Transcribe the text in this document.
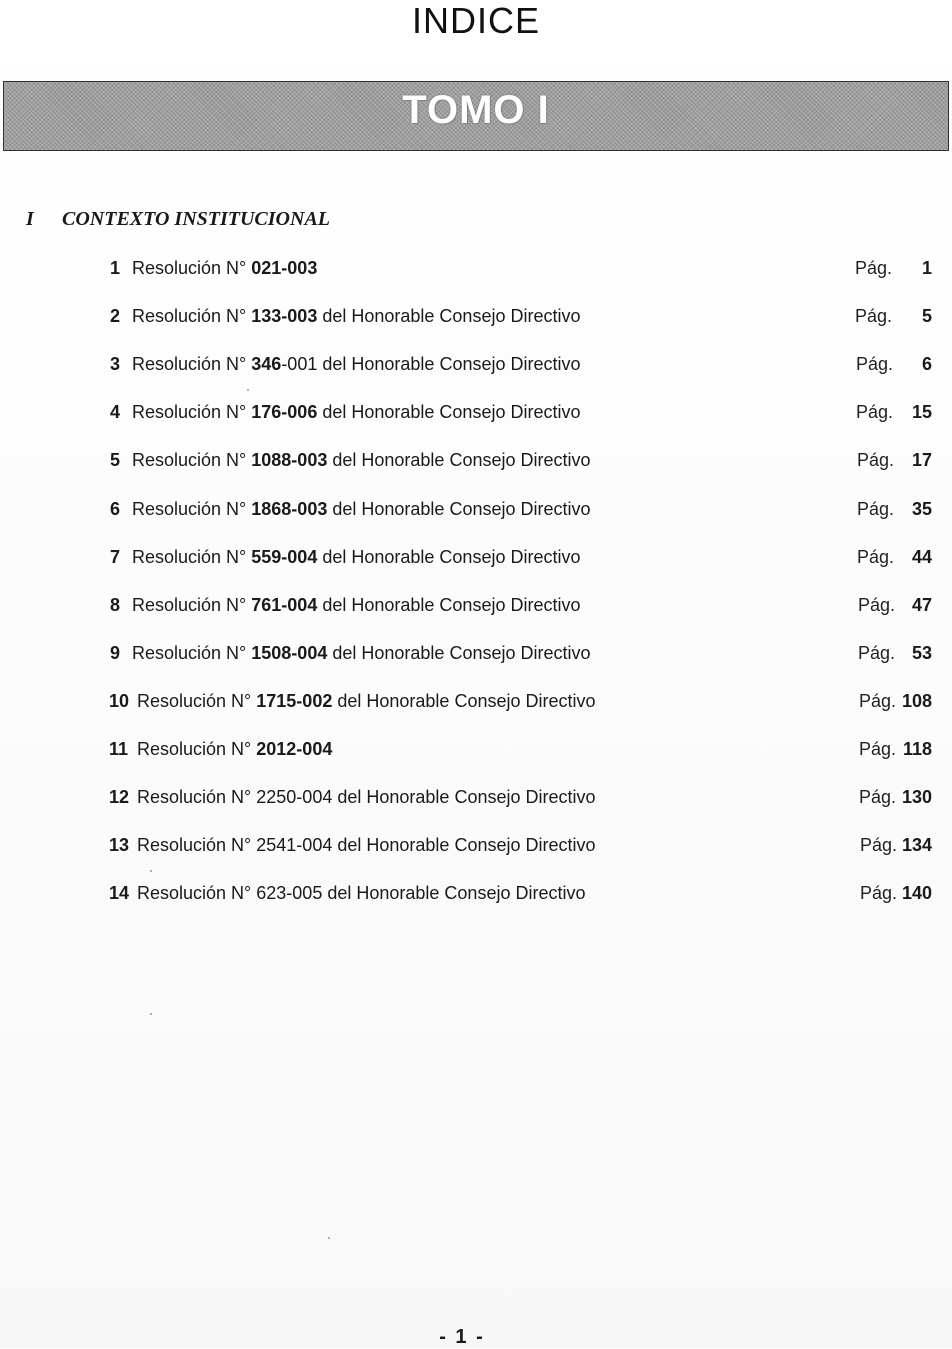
INDICE
TOMO I
I CONTEXTO INSTITUCIONAL
1 Resolución N° 021-003	Pág.	1
2 Resolución N° 133-003 del Honorable Consejo Directivo	Pág.	5
3 Resolución N° 346-001 del Honorable Consejo Directivo	Pág.	6
4 Resolución N° 176-006 del Honorable Consejo Directivo	Pág.	15
5 Resolución N° 1088-003 del Honorable Consejo Directivo	Pág. 17
6 Resolución N° 1868-003 del Honorable Consejo Directivo	Pág. 35
7 Resolución N° 559-004 del Honorable Consejo Directivo	Pág. 44
8 Resolución N° 761-004 del Honorable Consejo Directivo	Pág. 47
9 Resolución N° 1508-004 del Honorable Consejo Directivo	Pág. 53
10 Resolución N° 1715-002 del Honorable Consejo Directivo	Pág. 108
11 Resolución N° 2012-004	Pág. 118
12 Resolución N° 2250-004 del Honorable Consejo Directivo	Pág. 130
13 Resolución N° 2541-004 del Honorable Consejo Directivo	Pág. 134
14 Resolución N° 623-005 del Honorable Consejo Directivo	Pág. 140
- 1 -
